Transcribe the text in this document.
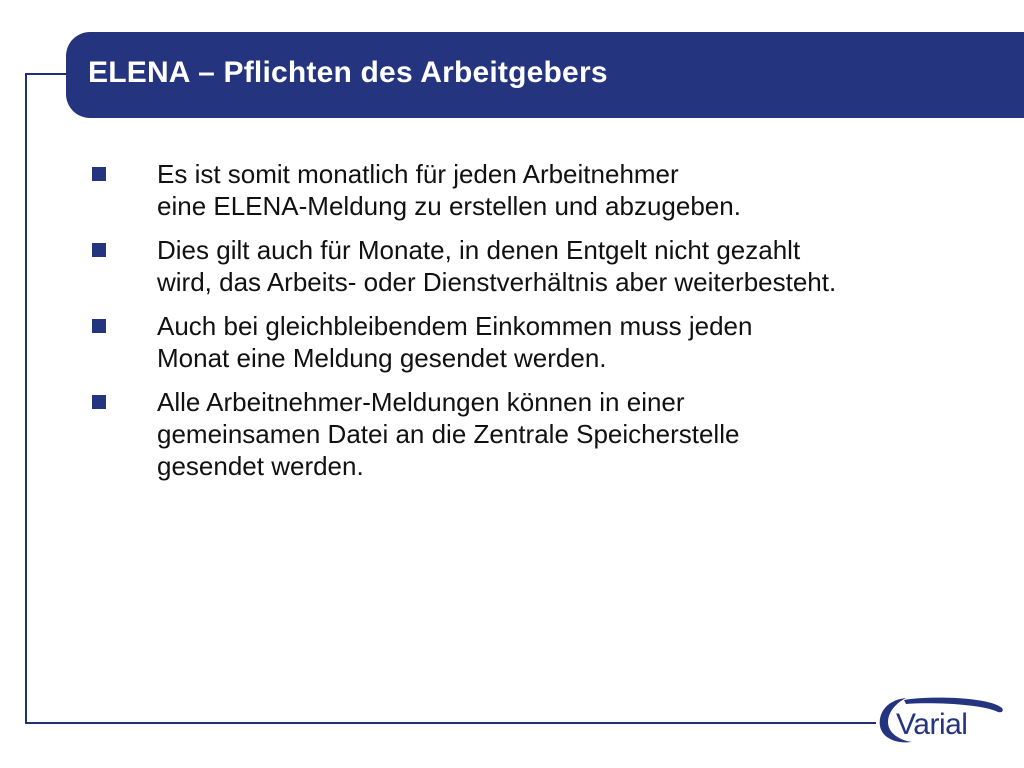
ELENA – Pflichten des Arbeitgebers
Es ist somit monatlich für jeden Arbeitnehmer
eine ELENA-Meldung zu erstellen und abzugeben.
Dies gilt auch für Monate, in denen Entgelt nicht gezahlt
wird, das Arbeits- oder Dienstverhältnis aber weiterbesteht.
Auch bei gleichbleibendem Einkommen muss jeden
Monat eine Meldung gesendet werden.
Alle Arbeitnehmer-Meldungen können in einer
gemeinsamen Datei an die Zentrale Speicherstelle
gesendet werden.
Varial
